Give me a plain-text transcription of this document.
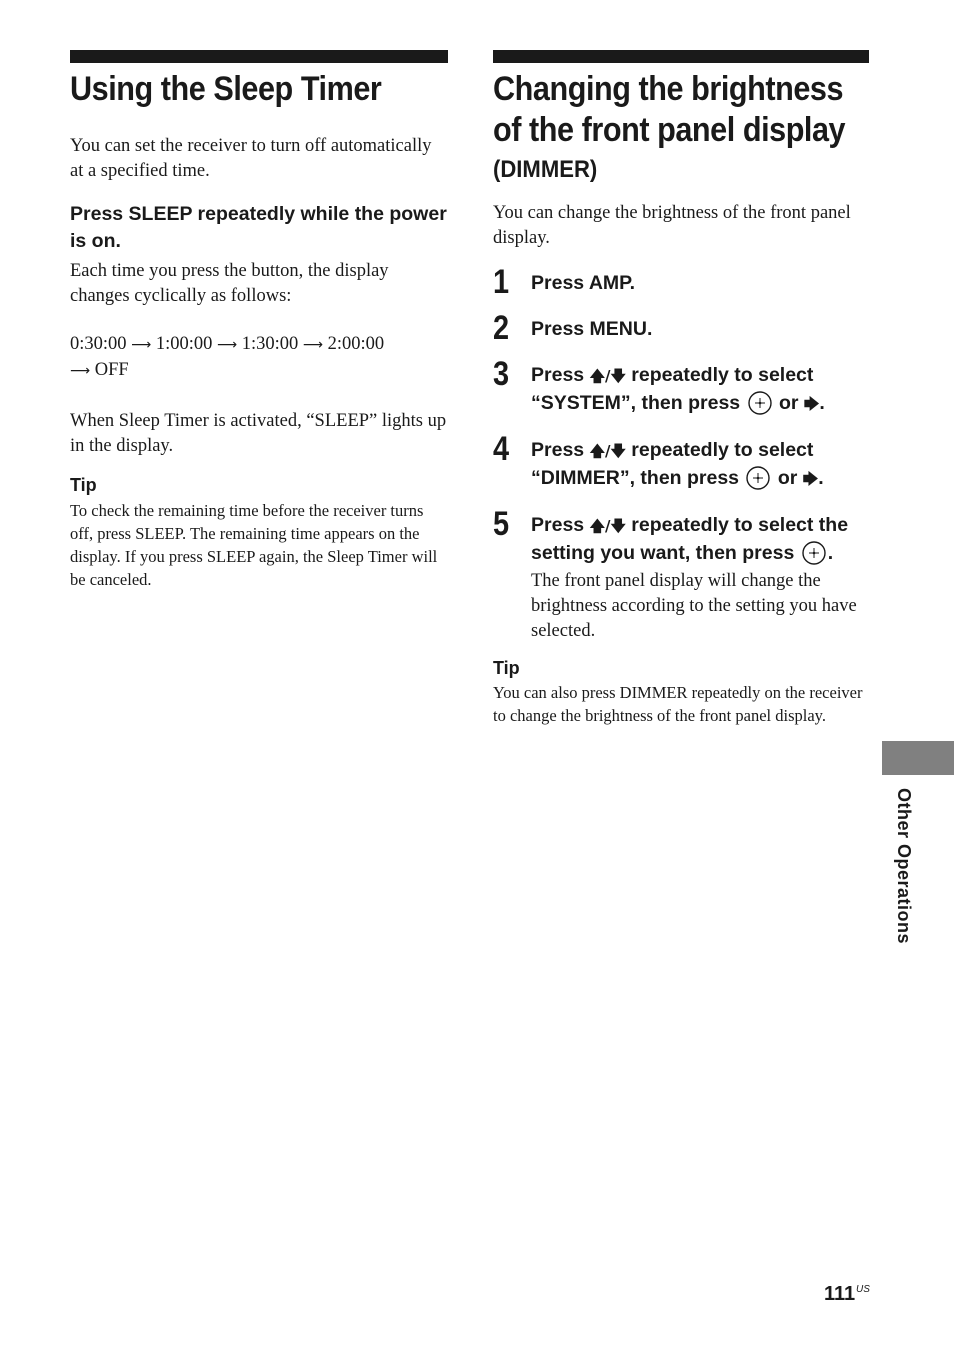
Using the Sleep Timer

You can set the receiver to turn off automatically at a specified time.

Press SLEEP repeatedly while the power is on.

Each time you press the button, the display changes cyclically as follows:

0:30:00 ⟶ 1:00:00 ⟶ 1:30:00 ⟶ 2:00:00
⟶ OFF

When Sleep Timer is activated, “SLEEP” lights up in the display.

Tip

To check the remaining time before the receiver turns off, press SLEEP. The remaining time appears on the display. If you press SLEEP again, the Sleep Timer will be canceled.

Changing the brightness
of the front panel display
(DIMMER)

You can change the brightness of the front panel display.

1 Press AMP.

2 Press MENU.

3 Press 🡅/🡇 repeatedly to select “SYSTEM”, then press  or 🡆.

4 Press 🡅/🡇 repeatedly to select “DIMMER”, then press  or 🡆.

5 Press 🡅/🡇 repeatedly to select the setting you want, then press .

The front panel display will change the brightness according to the setting you have selected.

Tip

You can also press DIMMER repeatedly on the receiver to change the brightness of the front panel display.

Other Operations
111 US
